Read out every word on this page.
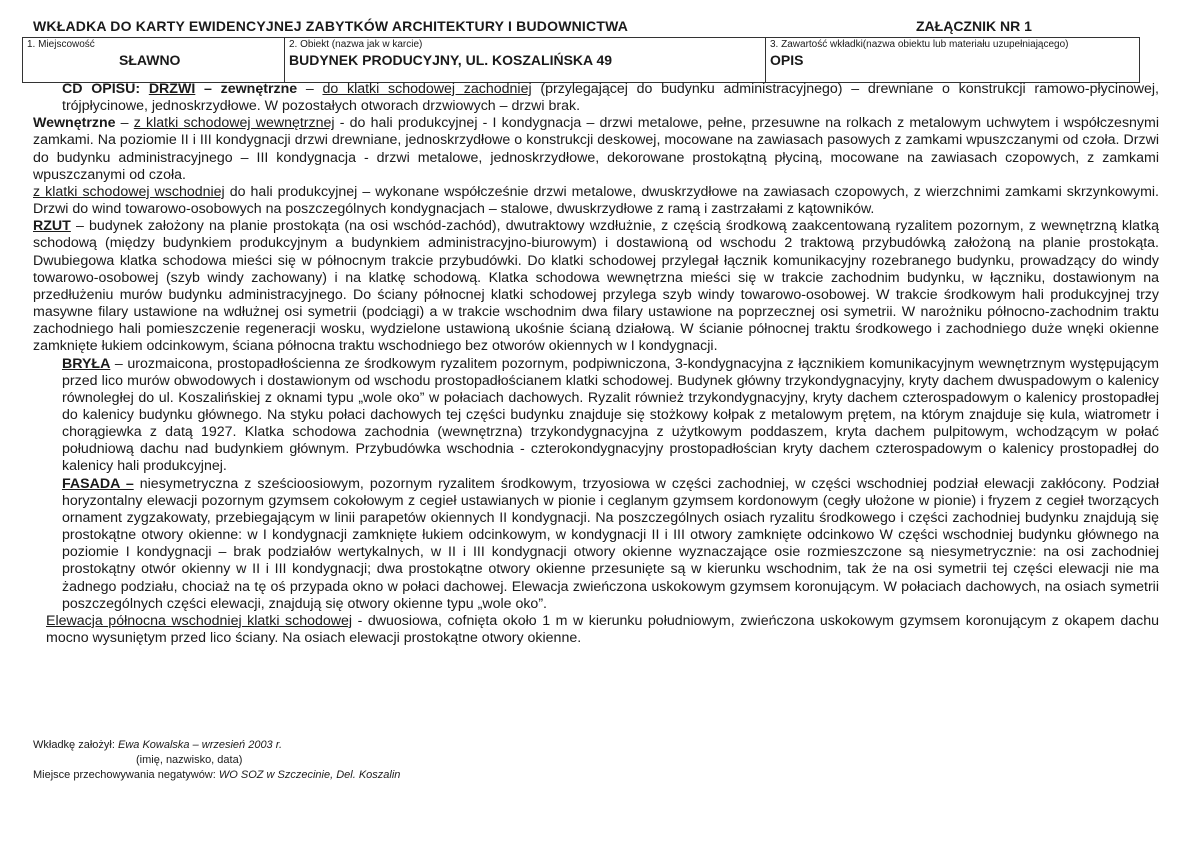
WKŁADKA DO KARTY EWIDENCYJNEJ ZABYTKÓW ARCHITEKTURY I BUDOWNICTWA	ZAŁĄCZNIK NR 1
1. Miejscowość
SŁAWNO
2. Obiekt (nazwa jak w karcie)
BUDYNEK PRODUCYJNY, UL. KOSZALIŃSKA 49
3. Zawartość wkładki(nazwa obiektu lub materiału uzupełniającego)
OPIS

CD OPISU: DRZWI – zewnętrzne – do klatki schodowej zachodniej (przylegającej do budynku administracyjnego) – drewniane o konstrukcji ramowo-płycinowej, trójpłycinowe, jednoskrzydłowe. W pozostałych otworach drzwiowych – drzwi brak.

Wewnętrzne – z klatki schodowej wewnętrznej - do hali produkcyjnej - I kondygnacja – drzwi metalowe, pełne, przesuwne na rolkach z metalowym uchwytem i współczesnymi zamkami. Na poziomie II i III kondygnacji drzwi drewniane, jednoskrzydłowe o konstrukcji deskowej, mocowane na zawiasach pasowych z zamkami wpuszczanymi od czoła. Drzwi do budynku administracyjnego – III kondygnacja - drzwi metalowe, jednoskrzydłowe, dekorowane prostokątną płyciną, mocowane na zawiasach czopowych, z zamkami wpuszczanymi od czoła.

z klatki schodowej wschodniej do hali produkcyjnej – wykonane współcześnie drzwi metalowe, dwuskrzydłowe na zawiasach czopowych, z wierzchnimi zamkami skrzynkowymi. Drzwi do wind towarowo-osobowych na poszczególnych kondygnacjach – stalowe, dwuskrzydłowe z ramą i zastrzałami z kątowników.

RZUT – budynek założony na planie prostokąta (na osi wschód-zachód), dwutraktowy wzdłużnie, z częścią środkową zaakcentowaną ryzalitem pozornym, z wewnętrzną klatką schodową (między budynkiem produkcyjnym a budynkiem administracyjno-biurowym) i dostawioną od wschodu 2 traktową przybudówką założoną na planie prostokąta. Dwubiegowa klatka schodowa mieści się w północnym trakcie przybudówki. Do klatki schodowej przylegał łącznik komunikacyjny rozebranego budynku, prowadzący do windy towarowo-osobowej (szyb windy zachowany) i na klatkę schodową. Klatka schodowa wewnętrzna mieści się w trakcie zachodnim budynku, w łączniku, dostawionym na przedłużeniu murów budynku administracyjnego. Do ściany północnej klatki schodowej przylega szyb windy towarowo-osobowej. W trakcie środkowym hali produkcyjnej trzy masywne filary ustawione na wdłużnej osi symetrii (podciągi) a w trakcie wschodnim dwa filary ustawione na poprzecznej osi symetrii. W narożniku północno-zachodnim traktu zachodniego hali pomieszczenie regeneracji wosku, wydzielone ustawioną ukośnie ścianą działową. W ścianie północnej traktu środkowego i zachodniego duże wnęki okienne zamknięte łukiem odcinkowym, ściana północna traktu wschodniego bez otworów okiennych w I kondygnacji.

BRYŁA – urozmaicona, prostopadłościenna ze środkowym ryzalitem pozornym, podpiwniczona, 3-kondygnacyjna z łącznikiem komunikacyjnym wewnętrznym występującym przed lico murów obwodowych i dostawionym od wschodu prostopadłościanem klatki schodowej. Budynek główny trzykondygnacyjny, kryty dachem dwuspadowym o kalenicy równoległej do ul. Koszalińskiej z oknami typu „wole oko” w połaciach dachowych. Ryzalit również trzykondygnacyjny, kryty dachem czterospadowym o kalenicy prostopadłej do kalenicy budynku głównego. Na styku połaci dachowych tej części budynku znajduje się stożkowy kołpak z metalowym prętem, na którym znajduje się kula, wiatrometr i chorągiewka z datą 1927. Klatka schodowa zachodnia (wewnętrzna) trzykondygnacyjna z użytkowym poddaszem, kryta dachem pulpitowym, wchodzącym w połać południową dachu nad budynkiem głównym. Przybudówka wschodnia - czterokondygnacyjny prostopadłościan kryty dachem czterospadowym o kalenicy prostopadłej do kalenicy hali produkcyjnej.

FASADA – niesymetryczna z sześcioosiowym, pozornym ryzalitem środkowym, trzyosiowa w części zachodniej, w części wschodniej podział elewacji zakłócony. Podział horyzontalny elewacji pozornym gzymsem cokołowym z cegieł ustawianych w pionie i ceglanym gzymsem kordonowym (cegły ułożone w pionie) i fryzem z cegieł tworzących ornament zygzakowaty, przebiegającym w linii parapetów okiennych II kondygnacji. Na poszczególnych osiach ryzalitu środkowego i części zachodniej budynku znajdują się prostokątne otwory okienne: w I kondygnacji zamknięte łukiem odcinkowym, w kondygnacji II i III otwory zamknięte odcinkowo W części wschodniej budynku głównego na poziomie I kondygnacji – brak podziałów wertykalnych, w II i III kondygnacji otwory okienne wyznaczające osie rozmieszczone są niesymetrycznie: na osi zachodniej prostokątny otwór okienny w II i III kondygnacji; dwa prostokątne otwory okienne przesunięte są w kierunku wschodnim, tak że na osi symetrii tej części elewacji nie ma żadnego podziału, chociaż na tę oś przypada okno w połaci dachowej. Elewacja zwieńczona uskokowym gzymsem koronującym. W połaciach dachowych, na osiach symetrii poszczególnych części elewacji, znajdują się otwory okienne typu „wole oko”.

Elewacja północna wschodniej klatki schodowej - dwuosiowa, cofnięta około 1 m w kierunku południowym, zwieńczona uskokowym gzymsem koronującym z okapem dachu mocno wysuniętym przed lico ściany. Na osiach elewacji prostokątne otwory okienne.

Wkładkę założył: Ewa Kowalska – wrzesień 2003 r.
(imię, nazwisko, data)
Miejsce przechowywania negatywów: WO SOZ w Szczecinie, Del. Koszalin
